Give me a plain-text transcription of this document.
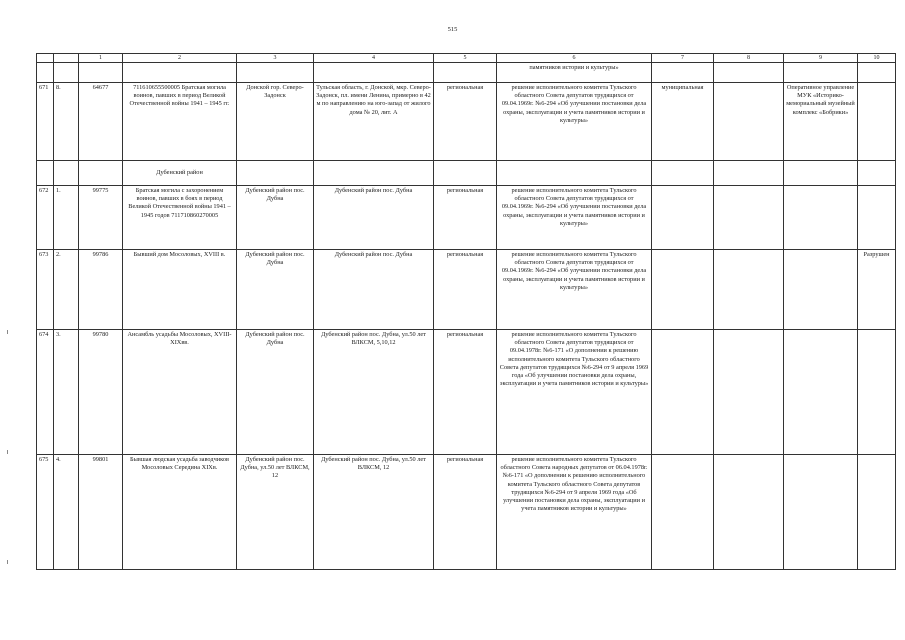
515
		1	2	3	4	5	6	7	8	9	10
							памятников истории и культуры»				
671	8.	64677	711610655500005 Братская могила воинов, павших в период Великой Отечественной войны 1941 – 1945 гг.	Донской гор. Северо-Задонск	Тульская область, г. Донской, мкр. Северо-Задонск, пл. имени Ленина, примерно в 42 м по направлению на юго-запад от жилого дома № 20, лит. А	региональная	решение исполнительного комитета Тульского областного Совета депутатов трудящихся от 09.04.1969г. №6-294 «Об улучшении постановки дела охраны, эксплуатации и учета памятников истории и культуры»	муниципальная		Оперативное управление МУК «Историко-мемориальный музейный комплекс «Бобрики»	
			Дубенский район								
672	1.	99775	Братская могила с захоронением воинов, павших в боях в период Великой Отечественной войны 1941 – 1945 годов 711710860270005	Дубенский район пос. Дубна	Дубенский район пос. Дубна	региональная	решение исполнительного комитета Тульского областного Совета депутатов трудящихся от 09.04.1969г. №6-294 «Об улучшении постановки дела охраны, эксплуатации и учета памятников истории и культуры»				
673	2.	99786	Бывший дом Мосоловых, XVIII в.	Дубенский район пос. Дубна	Дубенский район пос. Дубна	региональная	решение исполнительного комитета Тульского областного Совета депутатов трудящихся от 09.04.1969г. №6-294 «Об улучшении постановки дела охраны, эксплуатации и учета памятников истории и культуры»				Разрушен
674	3.	99780	Ансамбль усадьбы Мосоловых, XVIII-XIXвв.	Дубенский район пос. Дубна	Дубенский район пос. Дубна, ул.50 лет ВЛКСМ, 5,10,12	региональная	решение исполнительного комитета Тульского областного Совета депутатов трудящихся от 09.04.1978г. №6-171 «О дополнении к решению исполнительного комитета Тульского областного Совета депутатов трудящихся №6-294 от 9 апреля 1969 года «Об улучшении постановки дела охраны, эксплуатации и учета памятников истории и культуры»				
675	4.	99801	Бывшая людская усадьба заводчиков Мосоловых Середина XIXв.	Дубенский район пос. Дубна, ул.50 лет ВЛКСМ, 12	Дубенский район пос. Дубна, ул.50 лет ВЛКСМ, 12	региональная	решение исполнительного комитета Тульского областного Совета народных депутатов от 06.04.1978г. №6-171 «О дополнении к решению исполнительного комитета Тульского областного Совета депутатов трудящихся №6-294 от 9 апреля 1969 года «Об улучшении постановки дела охраны, эксплуатации и учета памятников истории и культуры»				
